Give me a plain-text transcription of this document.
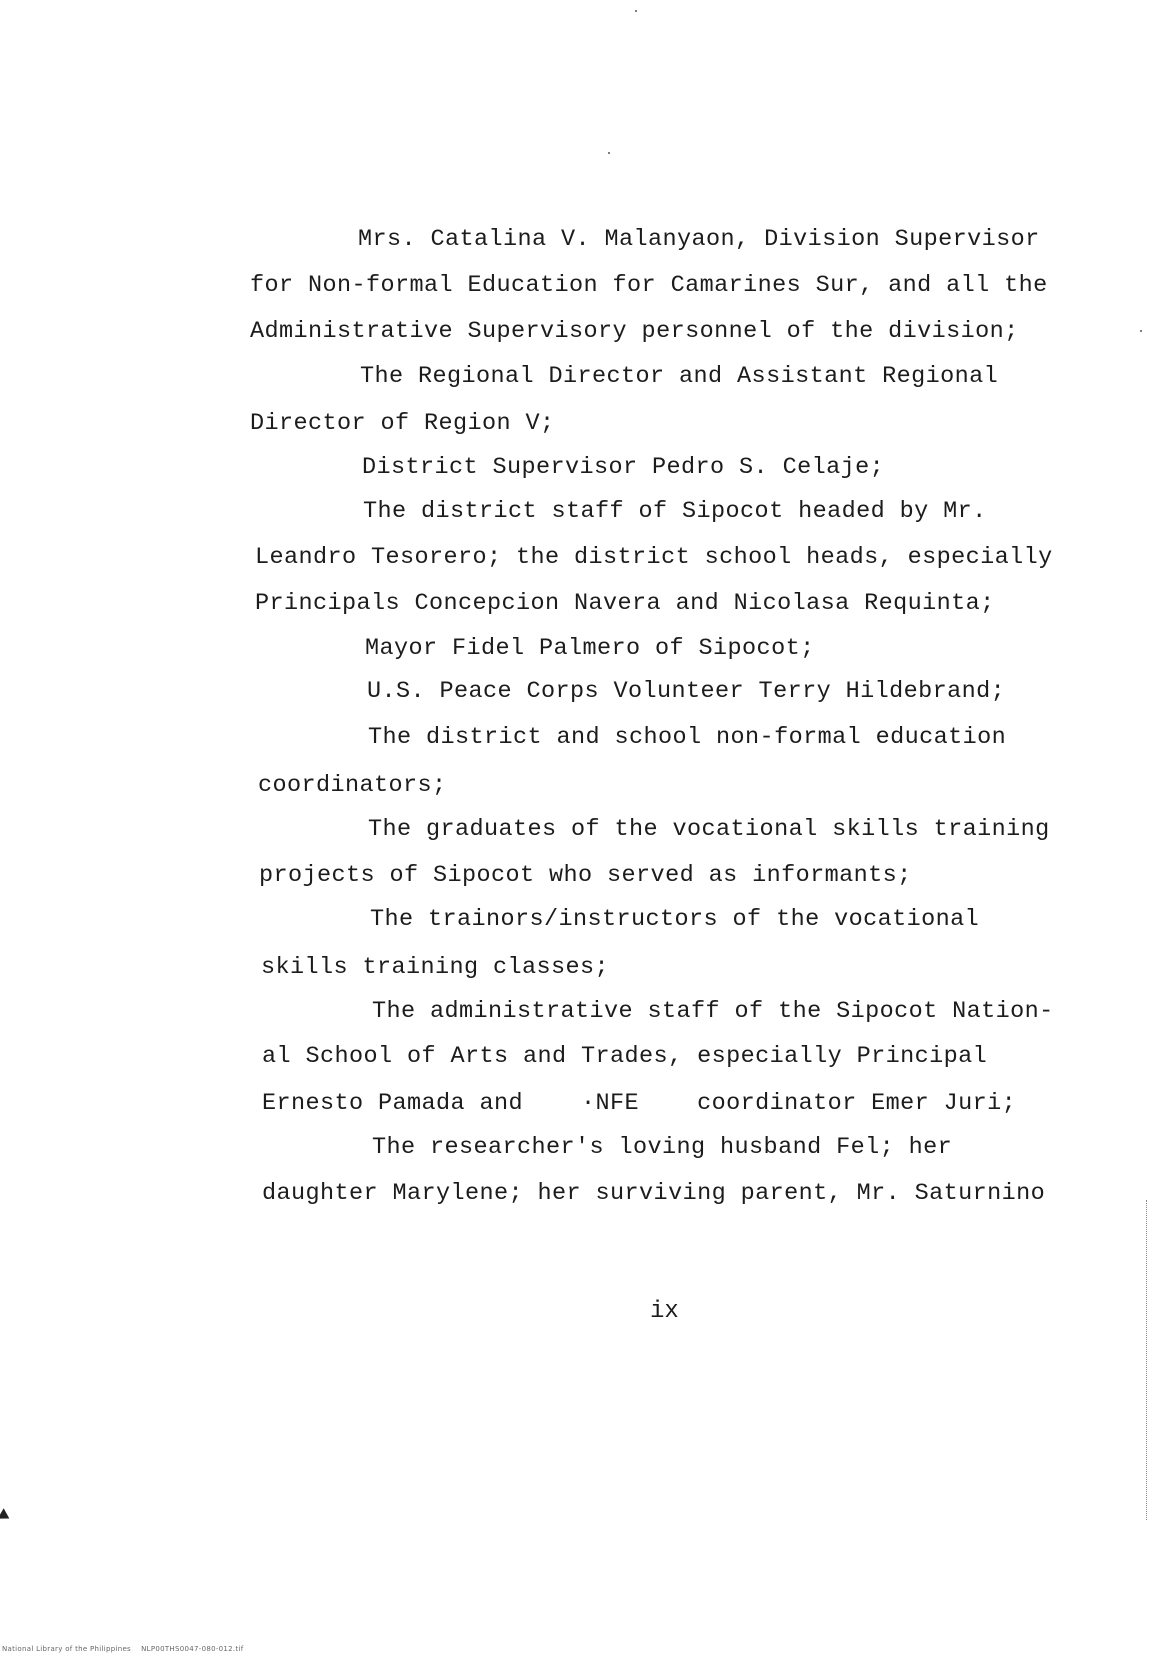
Mrs. Catalina V. Malanyaon, Division Supervisor
for Non-formal Education for Camarines Sur, and all the
Administrative Supervisory personnel of the division;
The Regional Director and Assistant Regional
Director of Region V;
District Supervisor Pedro S. Celaje;
The district staff of Sipocot headed by Mr.
Leandro Tesorero; the district school heads, especially
Principals Concepcion Navera and Nicolasa Requinta;
Mayor Fidel Palmero of Sipocot;
U.S. Peace Corps Volunteer Terry Hildebrand;
The district and school non-formal education
coordinators;
The graduates of the vocational skills training
projects of Sipocot who served as informants;
The trainors/instructors of the vocational
skills training classes;
The administrative staff of the Sipocot Nation-
al School of Arts and Trades, especially Principal
Ernesto Pamada and    ·NFE    coordinator Emer Juri;
The researcher's loving husband Fel; her
daughter Marylene; her surviving parent, Mr. Saturnino
ix
National Library of the Philippines    NLP00THS0047-080-012.tif
